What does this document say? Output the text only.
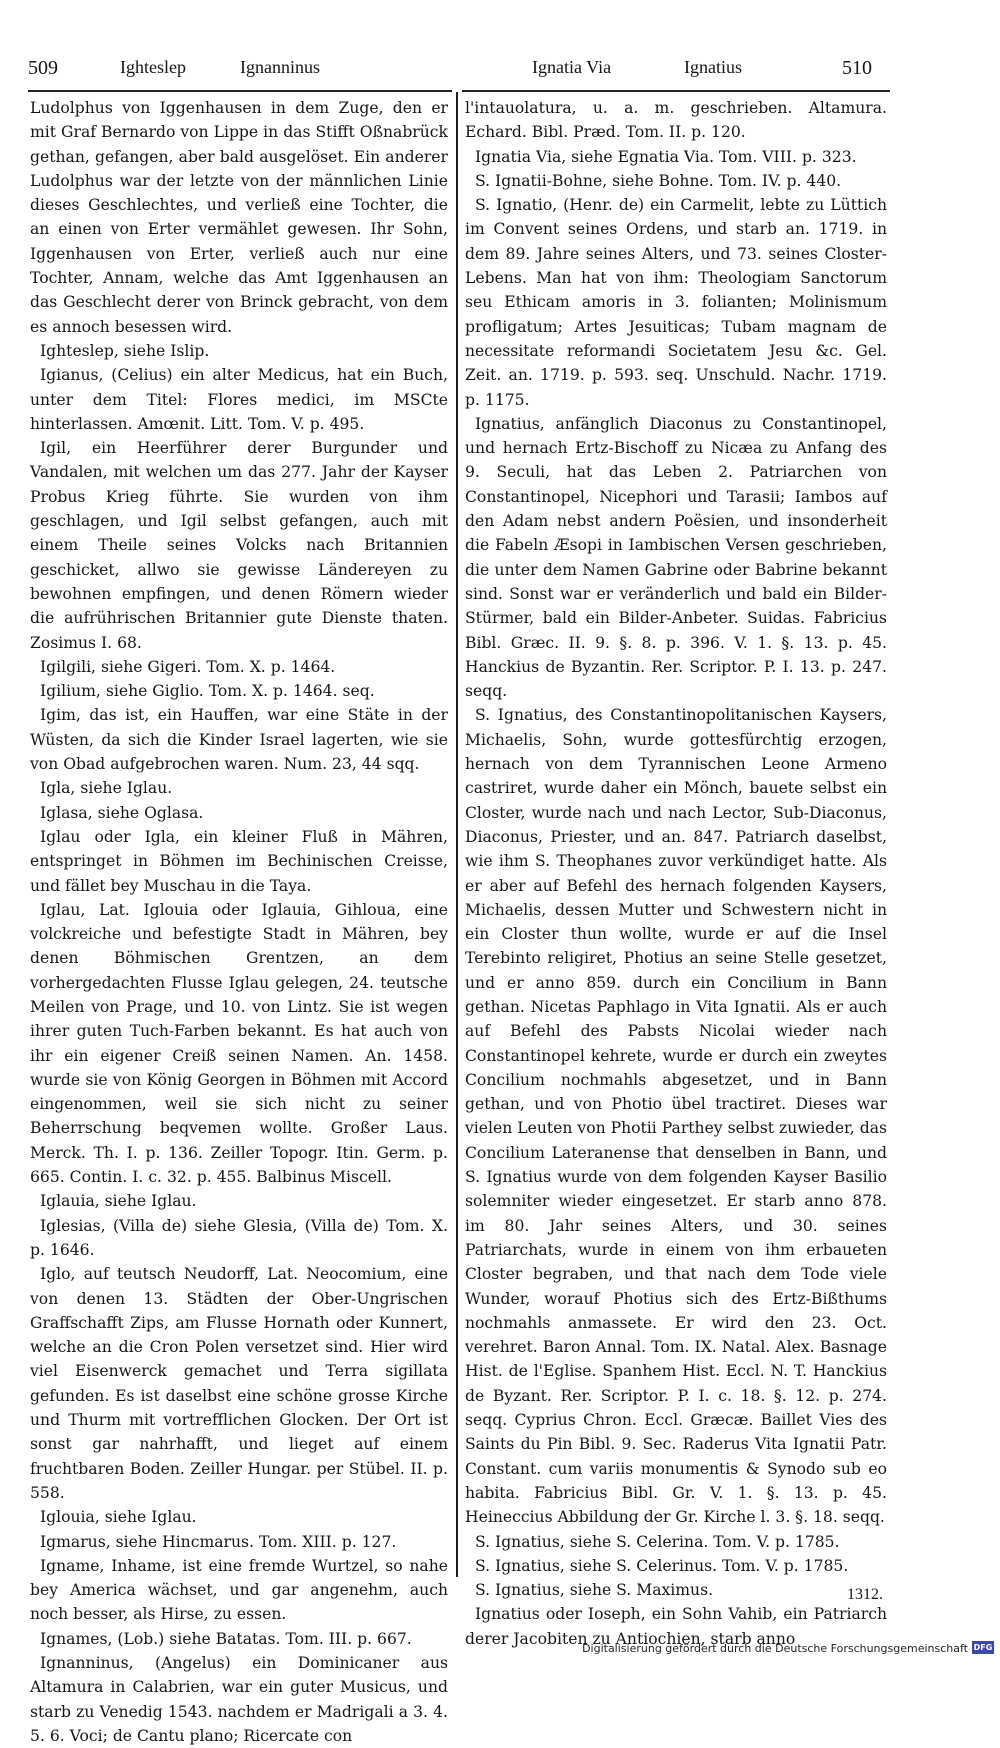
509	Ighteslep	Ignanninus	Ignatia Via	Ignatius	510

Ludolphus von Iggenhausen in dem Zuge, den er mit Graf Bernardo von Lippe in das Stifft Oßnabrück gethan, gefangen, aber bald ausgelöset. Ein anderer Ludolphus war der letzte von der männlichen Linie dieses Geschlechtes, und verließ eine Tochter, die an einen von Erter vermählet gewesen. Ihr Sohn, Iggenhausen von Erter, verließ auch nur eine Tochter, Annam, welche das Amt Iggenhausen an das Geschlecht derer von Brinck gebracht, von dem es annoch besessen wird.

Ighteslep, siehe Islip.

Igianus, (Celius) ein alter Medicus, hat ein Buch, unter dem Titel: Flores medici, im MSCte hinterlassen. Amœnit. Litt. Tom. V. p. 495.

Igil, ein Heerführer derer Burgunder und Vandalen, mit welchen um das 277. Jahr der Kayser Probus Krieg führte. Sie wurden von ihm geschlagen, und Igil selbst gefangen, auch mit einem Theile seines Volcks nach Britannien geschicket, allwo sie gewisse Ländereyen zu bewohnen empfingen, und denen Römern wieder die aufrührischen Britannier gute Dienste thaten. Zosimus I. 68.

Igilgili, siehe Gigeri. Tom. X. p. 1464.

Igilium, siehe Giglio. Tom. X. p. 1464. seq.

Igim, das ist, ein Hauffen, war eine Stäte in der Wüsten, da sich die Kinder Israel lagerten, wie sie von Obad aufgebrochen waren. Num. 23, 44 sqq.

Igla, siehe Iglau.

Iglasa, siehe Oglasa.

Iglau oder Igla, ein kleiner Fluß in Mähren, entspringet in Böhmen im Bechinischen Creisse, und fället bey Muschau in die Taya.

Iglau, Lat. Iglouia oder Iglauia, Gihloua, eine volckreiche und befestigte Stadt in Mähren, bey denen Böhmischen Grentzen, an dem vorhergedachten Flusse Iglau gelegen, 24. teutsche Meilen von Prage, und 10. von Lintz. Sie ist wegen ihrer guten Tuch-Farben bekannt. Es hat auch von ihr ein eigener Creiß seinen Namen. An. 1458. wurde sie von König Georgen in Böhmen mit Accord eingenommen, weil sie sich nicht zu seiner Beherrschung beqvemen wollte. Großer Laus. Merck. Th. I. p. 136. Zeiller Topogr. Itin. Germ. p. 665. Contin. I. c. 32. p. 455. Balbinus Miscell.

Iglauia, siehe Iglau.

Iglesias, (Villa de) siehe Glesia, (Villa de) Tom. X. p. 1646.

Iglo, auf teutsch Neudorff, Lat. Neocomium, eine von denen 13. Städten der Ober-Ungrischen Graffschafft Zips, am Flusse Hornath oder Kunnert, welche an die Cron Polen versetzet sind. Hier wird viel Eisenwerck gemachet und Terra sigillata gefunden. Es ist daselbst eine schöne grosse Kirche und Thurm mit vortrefflichen Glocken. Der Ort ist sonst gar nahrhafft, und lieget auf einem fruchtbaren Boden. Zeiller Hungar. per Stübel. II. p. 558.

Iglouia, siehe Iglau.

Igmarus, siehe Hincmarus. Tom. XIII. p. 127.

Igname, Inhame, ist eine fremde Wurtzel, so nahe bey America wächset, und gar angenehm, auch noch besser, als Hirse, zu essen.

Ignames, (Lob.) siehe Batatas. Tom. III. p. 667.

Ignanninus, (Angelus) ein Dominicaner aus Altamura in Calabrien, war ein guter Musicus, und starb zu Venedig 1543. nachdem er Madrigali a 3. 4. 5. 6. Voci; de Cantu plano; Ricercate con

l'intauolatura, u. a. m. geschrieben. Altamura. Echard. Bibl. Præd. Tom. II. p. 120.

Ignatia Via, siehe Egnatia Via. Tom. VIII. p. 323.

S. Ignatii-Bohne, siehe Bohne. Tom. IV. p. 440.

S. Ignatio, (Henr. de) ein Carmelit, lebte zu Lüttich im Convent seines Ordens, und starb an. 1719. in dem 89. Jahre seines Alters, und 73. seines Closter-Lebens. Man hat von ihm: Theologiam Sanctorum seu Ethicam amoris in 3. folianten; Molinismum profligatum; Artes Jesuiticas; Tubam magnam de necessitate reformandi Societatem Jesu &c. Gel. Zeit. an. 1719. p. 593. seq. Unschuld. Nachr. 1719. p. 1175.

Ignatius, anfänglich Diaconus zu Constantinopel, und hernach Ertz-Bischoff zu Nicæa zu Anfang des 9. Seculi, hat das Leben 2. Patriarchen von Constantinopel, Nicephori und Tarasii; Iambos auf den Adam nebst andern Poësien, und insonderheit die Fabeln Æsopi in Iambischen Versen geschrieben, die unter dem Namen Gabrine oder Babrine bekannt sind. Sonst war er veränderlich und bald ein Bilder-Stürmer, bald ein Bilder-Anbeter. Suidas. Fabricius Bibl. Græc. II. 9. §. 8. p. 396. V. 1. §. 13. p. 45. Hanckius de Byzantin. Rer. Scriptor. P. I. 13. p. 247. seqq.

S. Ignatius, des Constantinopolitanischen Kaysers, Michaelis, Sohn, wurde gottesfürchtig erzogen, hernach von dem Tyrannischen Leone Armeno castriret, wurde daher ein Mönch, bauete selbst ein Closter, wurde nach und nach Lector, Sub-Diaconus, Diaconus, Priester, und an. 847. Patriarch daselbst, wie ihm S. Theophanes zuvor verkündiget hatte. Als er aber auf Befehl des hernach folgenden Kaysers, Michaelis, dessen Mutter und Schwestern nicht in ein Closter thun wollte, wurde er auf die Insel Terebinto religiret, Photius an seine Stelle gesetzet, und er anno 859. durch ein Concilium in Bann gethan. Nicetas Paphlago in Vita Ignatii. Als er auch auf Befehl des Pabsts Nicolai wieder nach Constantinopel kehrete, wurde er durch ein zweytes Concilium nochmahls abgesetzet, und in Bann gethan, und von Photio übel tractiret. Dieses war vielen Leuten von Photii Parthey selbst zuwieder, das Concilium Lateranense that denselben in Bann, und S. Ignatius wurde von dem folgenden Kayser Basilio solemniter wieder eingesetzet. Er starb anno 878. im 80. Jahr seines Alters, und 30. seines Patriarchats, wurde in einem von ihm erbaueten Closter begraben, und that nach dem Tode viele Wunder, worauf Photius sich des Ertz-Bißthums nochmahls anmassete. Er wird den 23. Oct. verehret. Baron Annal. Tom. IX. Natal. Alex. Basnage Hist. de l'Eglise. Spanhem Hist. Eccl. N. T. Hanckius de Byzant. Rer. Scriptor. P. I. c. 18. §. 12. p. 274. seqq. Cyprius Chron. Eccl. Græcæ. Baillet Vies des Saints du Pin Bibl. 9. Sec. Raderus Vita Ignatii Patr. Constant. cum variis monumentis & Synodo sub eo habita. Fabricius Bibl. Gr. V. 1. §. 13. p. 45. Heineccius Abbildung der Gr. Kirche l. 3. §. 18. seqq.

S. Ignatius, siehe S. Celerina. Tom. V. p. 1785.

S. Ignatius, siehe S. Celerinus. Tom. V. p. 1785.

S. Ignatius, siehe S. Maximus.

Ignatius oder Ioseph, ein Sohn Vahib, ein Patriarch derer Jacobiten zu Antiochien, starb anno

1312.
Digitalisierung gefördert durch die Deutsche Forschungsgemeinschaft DFG
